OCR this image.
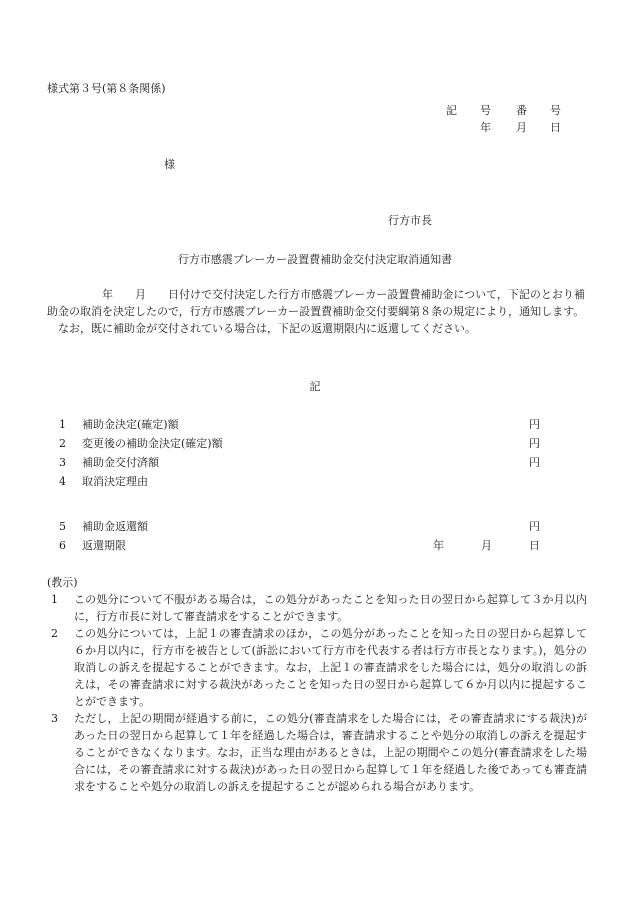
様式第３号(第８条関係)
記 号 番 号
年 月 日
様
行方市長
行方市感震ブレーカー設置費補助金交付決定取消通知書

　　　　　年　　月　　日付けで交付決定した行方市感震ブレーカー設置費補助金について，下記のとおり補助金の取消を決定したので，行方市感震ブレーカー設置費補助金交付要綱第８条の規定により，通知します。

　なお，既に補助金が交付されている場合は，下記の返還期限内に返還してください。

記
1 補助金決定(確定)額	円
2 変更後の補助金決定(確定)額	円
3 補助金交付済額	円
4 取消決定理由
5 補助金返還額	円
6 返還期限	年	月	日
(教示)
1 この処分について不服がある場合は，この処分があったことを知った日の翌日から起算して３か月以内に，行方市長に対して審査請求をすることができます。
2 この処分については，上記１の審査請求のほか，この処分があったことを知った日の翌日から起算して６か月以内に，行方市を被告として(訴訟において行方市を代表する者は行方市長となります。)，処分の取消しの訴えを提起することができます。なお，上記１の審査請求をした場合には，処分の取消しの訴えは，その審査請求に対する裁決があったことを知った日の翌日から起算して６か月以内に提起することができます。
3 ただし，上記の期間が経過する前に，この処分(審査請求をした場合には，その審査請求にする裁決)があった日の翌日から起算して１年を経過した場合は，審査請求することや処分の取消しの訴えを提起することができなくなります。なお，正当な理由があるときは，上記の期間やこの処分(審査請求をした場合には，その審査請求に対する裁決)があった日の翌日から起算して１年を経過した後であっても審査請求をすることや処分の取消しの訴えを提起することが認められる場合があります。
